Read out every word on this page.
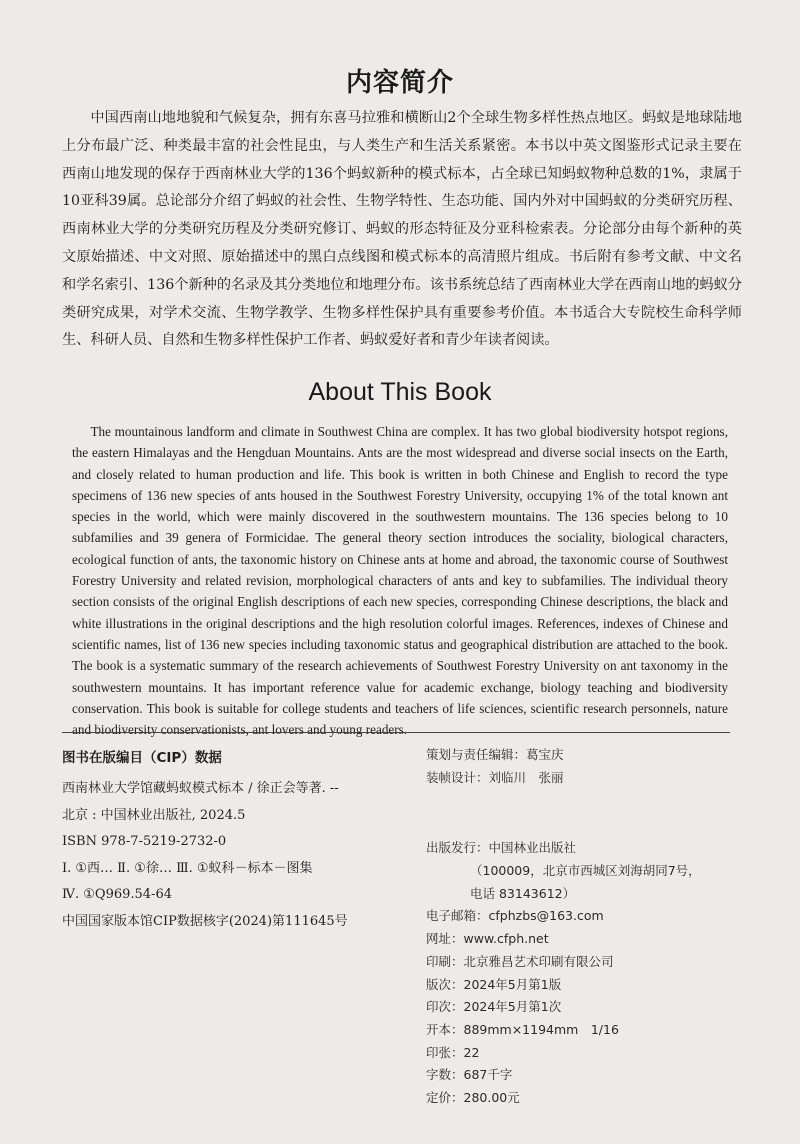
内容简介
中国西南山地地貌和气候复杂，拥有东喜马拉雅和横断山2个全球生物多样性热点地区。蚂蚁是地球陆地上分布最广泛、种类最丰富的社会性昆虫，与人类生产和生活关系紧密。本书以中英文图鉴形式记录主要在西南山地发现的保存于西南林业大学的136个蚂蚁新种的模式标本，占全球已知蚂蚁物种总数的1%，隶属于10亚科39属。总论部分介绍了蚂蚁的社会性、生物学特性、生态功能、国内外对中国蚂蚁的分类研究历程、西南林业大学的分类研究历程及分类研究修订、蚂蚁的形态特征及分亚科检索表。分论部分由每个新种的英文原始描述、中文对照、原始描述中的黑白点线图和模式标本的高清照片组成。书后附有参考文献、中文名和学名索引、136个新种的名录及其分类地位和地理分布。该书系统总结了西南林业大学在西南山地的蚂蚁分类研究成果，对学术交流、生物学教学、生物多样性保护具有重要参考价值。本书适合大专院校生命科学师生、科研人员、自然和生物多样性保护工作者、蚂蚁爱好者和青少年读者阅读。
About This Book
The mountainous landform and climate in Southwest China are complex. It has two global biodiversity hotspot regions, the eastern Himalayas and the Hengduan Mountains. Ants are the most widespread and diverse social insects on the Earth, and closely related to human production and life. This book is written in both Chinese and English to record the type specimens of 136 new species of ants housed in the Southwest Forestry University, occupying 1% of the total known ant species in the world, which were mainly discovered in the southwestern mountains. The 136 species belong to 10 subfamilies and 39 genera of Formicidae. The general theory section introduces the sociality, biological characters, ecological function of ants, the taxonomic history on Chinese ants at home and abroad, the taxonomic course of Southwest Forestry University and related revision, morphological characters of ants and key to subfamilies. The individual theory section consists of the original English descriptions of each new species, corresponding Chinese descriptions, the black and white illustrations in the original descriptions and the high resolution colorful images. References, indexes of Chinese and scientific names, list of 136 new species including taxonomic status and geographical distribution are attached to the book. The book is a systematic summary of the research achievements of Southwest Forestry University on ant taxonomy in the southwestern mountains. It has important reference value for academic exchange, biology teaching and biodiversity conservation. This book is suitable for college students and teachers of life sciences, scientific research personnels, nature and biodiversity conservationists, ant lovers and young readers.
图书在版编目（CIP）数据
西南林业大学馆藏蚂蚁模式标本 / 徐正会等著. --
北京 : 中国林业出版社, 2024.5
ISBN 978-7-5219-2732-0
Ⅰ. ①西… Ⅱ. ①徐… Ⅲ. ①蚁科－标本－图集
Ⅳ. ①Q969.54-64
中国国家版本馆CIP数据核字(2024)第111645号
策划与责任编辑：葛宝庆
装帧设计：刘临川　张丽
出版发行：中国林业出版社
（100009，北京市西城区刘海胡同7号，
电话 83143612）
电子邮箱：cfphzbs@163.com
网址：www.cfph.net
印刷：北京雅昌艺术印刷有限公司
版次：2024年5月第1版
印次：2024年5月第1次
开本：889mm×1194mm　1/16
印张：22
字数：687千字
定价：280.00元
